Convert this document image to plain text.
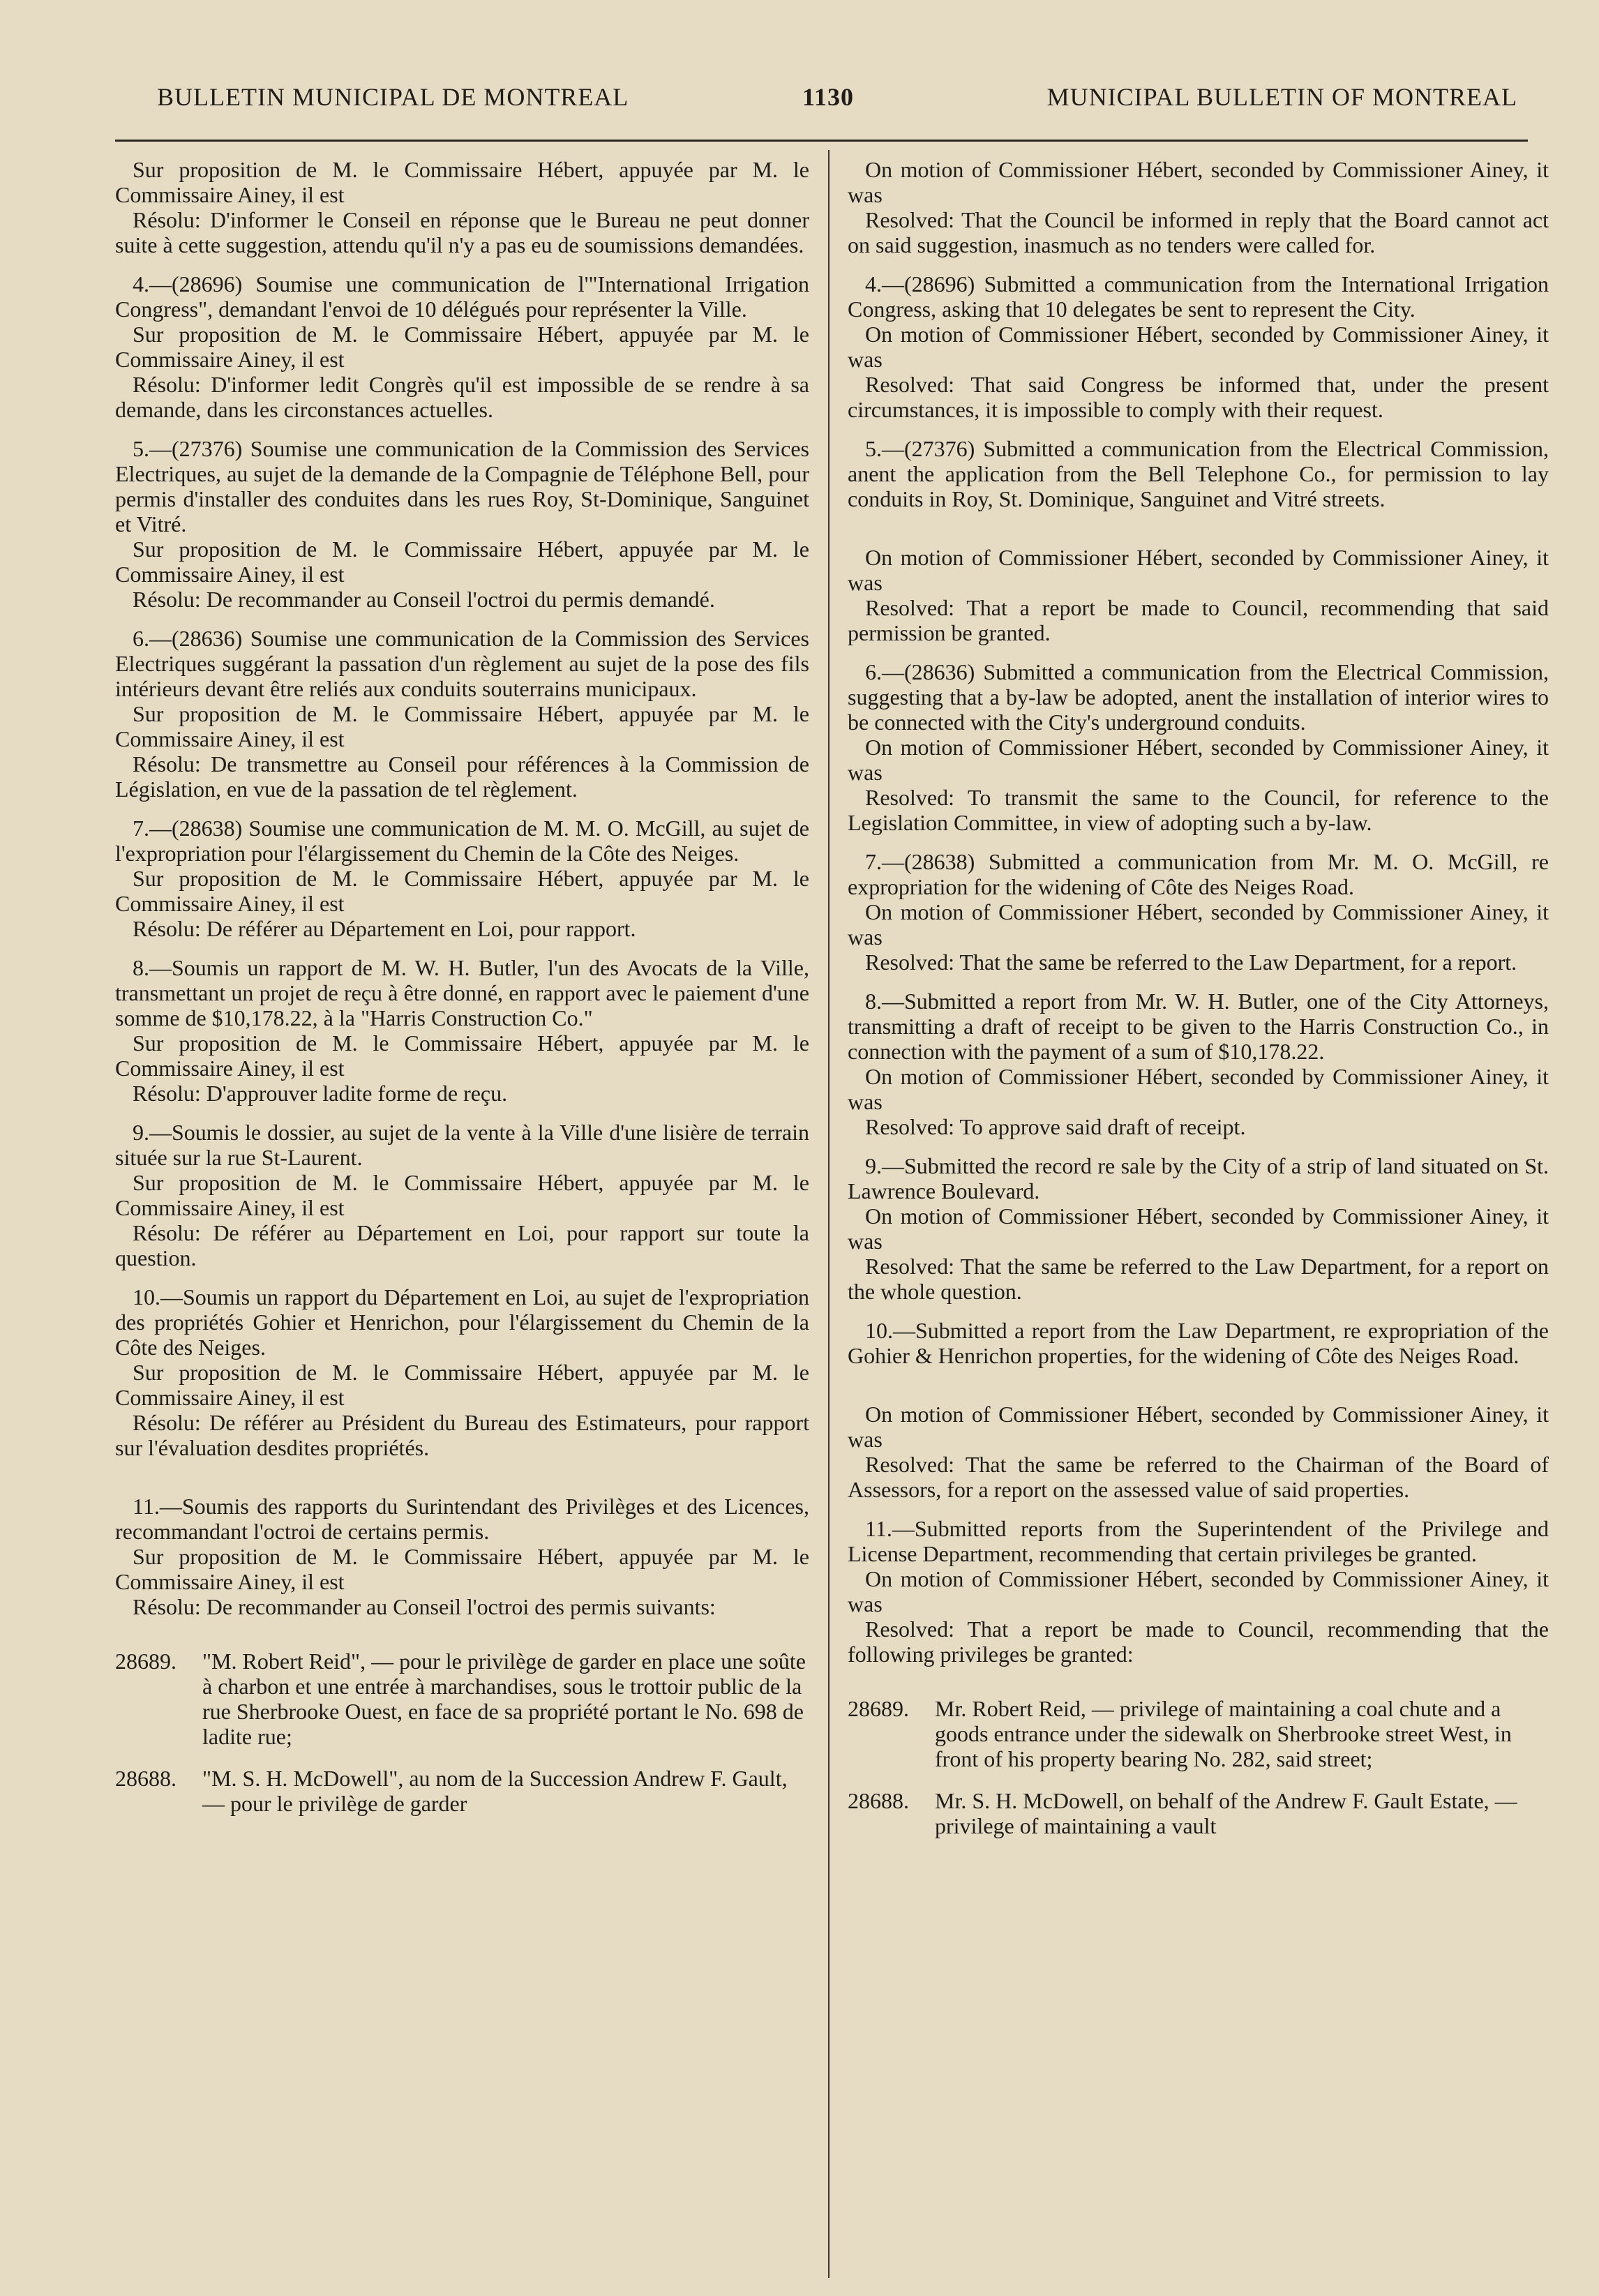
BULLETIN MUNICIPAL DE MONTREAL	1130	MUNICIPAL BULLETIN OF MONTREAL

Sur proposition de M. le Commissaire Hébert, appuyée par M. le Commissaire Ainey, il est

Résolu: D'informer le Conseil en réponse que le Bureau ne peut donner suite à cette suggestion, attendu qu'il n'y a pas eu de soumissions demandées.

4.—(28696) Soumise une communication de l'"International Irrigation Congress", demandant l'envoi de 10 délégués pour représenter la Ville.

Sur proposition de M. le Commissaire Hébert, appuyée par M. le Commissaire Ainey, il est

Résolu: D'informer ledit Congrès qu'il est impossible de se rendre à sa demande, dans les circonstances actuelles.

5.—(27376) Soumise une communication de la Commission des Services Electriques, au sujet de la demande de la Compagnie de Téléphone Bell, pour permis d'installer des conduites dans les rues Roy, St-Dominique, Sanguinet et Vitré.

Sur proposition de M. le Commissaire Hébert, appuyée par M. le Commissaire Ainey, il est

Résolu: De recommander au Conseil l'octroi du permis demandé.

6.—(28636) Soumise une communication de la Commission des Services Electriques suggérant la passation d'un règlement au sujet de la pose des fils intérieurs devant être reliés aux conduits souterrains municipaux.

Sur proposition de M. le Commissaire Hébert, appuyée par M. le Commissaire Ainey, il est

Résolu: De transmettre au Conseil pour références à la Commission de Législation, en vue de la passation de tel règlement.

7.—(28638) Soumise une communication de M. M. O. McGill, au sujet de l'expropriation pour l'élargissement du Chemin de la Côte des Neiges.

Sur proposition de M. le Commissaire Hébert, appuyée par M. le Commissaire Ainey, il est

Résolu: De référer au Département en Loi, pour rapport.

8.—Soumis un rapport de M. W. H. Butler, l'un des Avocats de la Ville, transmettant un projet de reçu à être donné, en rapport avec le paiement d'une somme de $10,178.22, à la "Harris Construction Co."

Sur proposition de M. le Commissaire Hébert, appuyée par M. le Commissaire Ainey, il est

Résolu: D'approuver ladite forme de reçu.

9.—Soumis le dossier, au sujet de la vente à la Ville d'une lisière de terrain située sur la rue St-Laurent.

Sur proposition de M. le Commissaire Hébert, appuyée par M. le Commissaire Ainey, il est

Résolu: De référer au Département en Loi, pour rapport sur toute la question.

10.—Soumis un rapport du Département en Loi, au sujet de l'expropriation des propriétés Gohier et Henrichon, pour l'élargissement du Chemin de la Côte des Neiges.

Sur proposition de M. le Commissaire Hébert, appuyée par M. le Commissaire Ainey, il est

Résolu: De référer au Président du Bureau des Estimateurs, pour rapport sur l'évaluation desdites propriétés.

11.—Soumis des rapports du Surintendant des Privilèges et des Licences, recommandant l'octroi de certains permis.

Sur proposition de M. le Commissaire Hébert, appuyée par M. le Commissaire Ainey, il est

Résolu: De recommander au Conseil l'octroi des permis suivants:

28689.	"M. Robert Reid", — pour le privilège de garder en place une soûte à charbon et une entrée à marchandises, sous le trottoir public de la rue Sherbrooke Ouest, en face de sa propriété portant le No. 698 de ladite rue;
28688.	"M. S. H. McDowell", au nom de la Succession Andrew F. Gault, — pour le privilège de garder

On motion of Commissioner Hébert, seconded by Commissioner Ainey, it was

Resolved: That the Council be informed in reply that the Board cannot act on said suggestion, inasmuch as no tenders were called for.

4.—(28696) Submitted a communication from the International Irrigation Congress, asking that 10 delegates be sent to represent the City.

On motion of Commissioner Hébert, seconded by Commissioner Ainey, it was

Resolved: That said Congress be informed that, under the present circumstances, it is impossible to comply with their request.

5.—(27376) Submitted a communication from the Electrical Commission, anent the application from the Bell Telephone Co., for permission to lay conduits in Roy, St. Dominique, Sanguinet and Vitré streets.

On motion of Commissioner Hébert, seconded by Commissioner Ainey, it was

Resolved: That a report be made to Council, recommending that said permission be granted.

6.—(28636) Submitted a communication from the Electrical Commission, suggesting that a by-law be adopted, anent the installation of interior wires to be connected with the City's underground conduits.

On motion of Commissioner Hébert, seconded by Commissioner Ainey, it was

Resolved: To transmit the same to the Council, for reference to the Legislation Committee, in view of adopting such a by-law.

7.—(28638) Submitted a communication from Mr. M. O. McGill, re expropriation for the widening of Côte des Neiges Road.

On motion of Commissioner Hébert, seconded by Commissioner Ainey, it was

Resolved: That the same be referred to the Law Department, for a report.

8.—Submitted a report from Mr. W. H. Butler, one of the City Attorneys, transmitting a draft of receipt to be given to the Harris Construction Co., in connection with the payment of a sum of $10,178.22.

On motion of Commissioner Hébert, seconded by Commissioner Ainey, it was

Resolved: To approve said draft of receipt.

9.—Submitted the record re sale by the City of a strip of land situated on St. Lawrence Boulevard.

On motion of Commissioner Hébert, seconded by Commissioner Ainey, it was

Resolved: That the same be referred to the Law Department, for a report on the whole question.

10.—Submitted a report from the Law Department, re expropriation of the Gohier & Henrichon properties, for the widening of Côte des Neiges Road.

On motion of Commissioner Hébert, seconded by Commissioner Ainey, it was

Resolved: That the same be referred to the Chairman of the Board of Assessors, for a report on the assessed value of said properties.

11.—Submitted reports from the Superintendent of the Privilege and License Department, recommending that certain privileges be granted.

On motion of Commissioner Hébert, seconded by Commissioner Ainey, it was

Resolved: That a report be made to Council, recommending that the following privileges be granted:

28689.	Mr. Robert Reid, — privilege of maintaining a coal chute and a goods entrance under the sidewalk on Sherbrooke street West, in front of his property bearing No. 282, said street;
28688.	Mr. S. H. McDowell, on behalf of the Andrew F. Gault Estate, — privilege of maintaining a vault
